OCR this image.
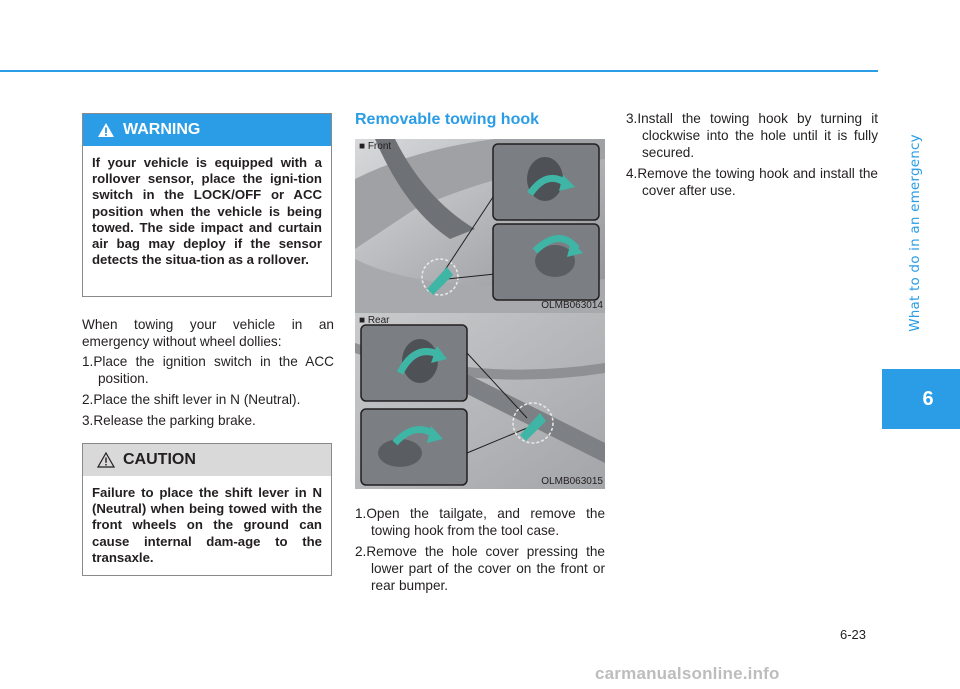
What to do in an emergency
6
WARNING
If your vehicle is equipped with a rollover sensor, place the igni-tion switch in the LOCK/OFF or ACC position when the vehicle is being towed. The side impact and curtain air bag may deploy if the sensor detects the situa-tion as a rollover.
When towing your vehicle in an emergency without wheel dollies:
1.Place the ignition switch in the ACC position.
2.Place the shift lever in N (Neutral).
3.Release the parking brake.
CAUTION
Failure to place the shift lever in N (Neutral) when being towed with the front wheels on the ground can cause internal dam-age to the transaxle.
Removable towing hook
■ Front
OLMB063014
■ Rear
OLMB063015
1.Open the tailgate, and remove the towing hook from the tool case.
2.Remove the hole cover pressing the lower part of the cover on the front or rear bumper.
3.Install the towing hook by turning it clockwise into the hole until it is fully secured.
4.Remove the towing hook and install the cover after use.
6-23
carmanualsonline.info
